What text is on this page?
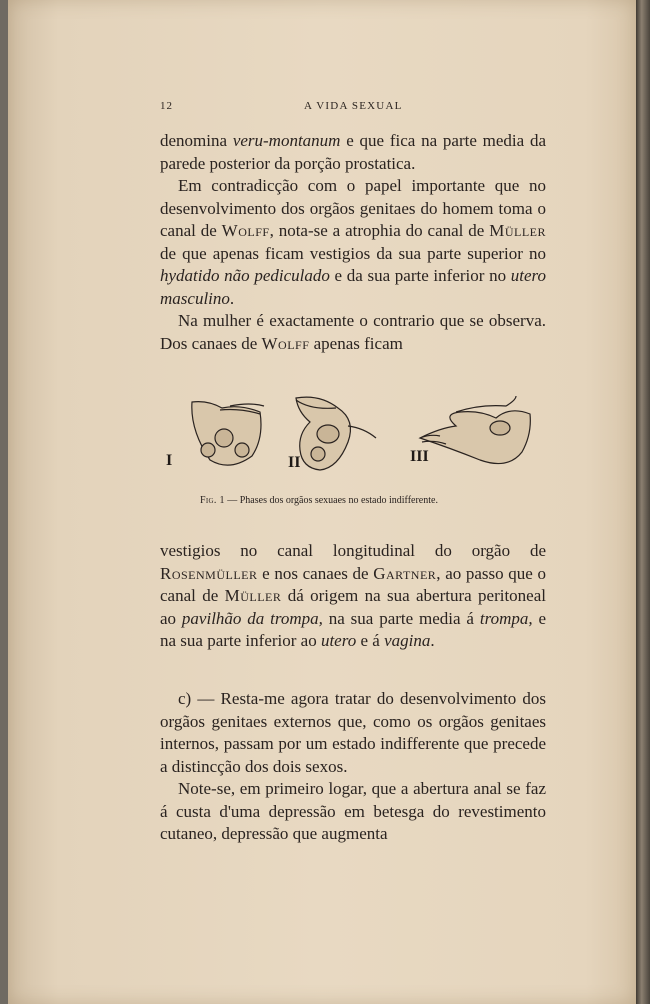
12	A VIDA SEXUAL

denomina veru-montanum e que fica na parte media da parede posterior da porção prostatica.

Em contradicção com o papel importante que no desenvolvimento dos orgãos genitaes do homem toma o canal de Wolff, nota-se a atrophia do canal de Müller de que apenas ficam vestigios da sua parte superior no hydatido não pediculado e da sua parte inferior no utero masculino.

Na mulher é exactamente o contrario que se observa. Dos canaes de Wolff apenas ficam

I	II	III
Fig. 1 — Phases dos orgãos sexuaes no estado indifferente.

vestigios no canal longitudinal do orgão de Rosenmüller e nos canaes de Gartner, ao passo que o canal de Müller dá origem na sua abertura peritoneal ao pavilhão da trompa, na sua parte media á trompa, e na sua parte inferior ao utero e á vagina.

c) — Resta-me agora tratar do desenvolvimento dos orgãos genitaes externos que, como os orgãos genitaes internos, passam por um estado indifferente que precede a distincção dos dois sexos.

Note-se, em primeiro logar, que a abertura anal se faz á custa d'uma depressão em betesga do revestimento cutaneo, depressão que augmenta
